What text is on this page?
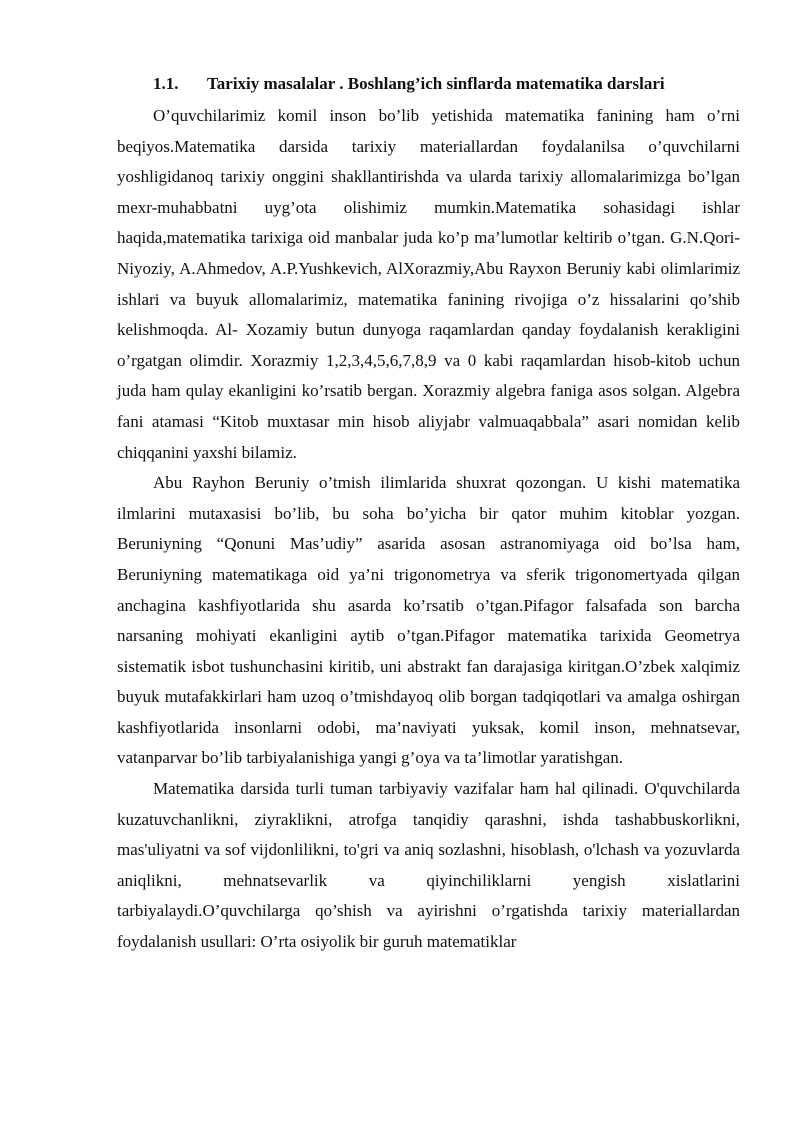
1.1. Tarixiy masalalar . Boshlang’ich sinflarda matematika darslari

O’quvchilarimiz komil inson bo’lib yetishida matematika fanining ham o’rni beqiyos.Matematika darsida tarixiy materiallardan foydalanilsa o’quvchilarni yoshligidanoq tarixiy onggini shakllantirishda va ularda tarixiy allomalarimizga bo’lgan mexr-muhabbatni uyg’ota olishimiz mumkin.Matematika sohasidagi ishlar haqida,matematika tarixiga oid manbalar juda ko’p ma’lumotlar keltirib o’tgan. G.N.Qori-Niyoziy, A.Ahmedov, A.P.Yushkevich, AlXorazmiy,Abu Rayxon Beruniy kabi olimlarimiz ishlari va buyuk allomalarimiz, matematika fanining rivojiga o’z hissalarini qo’shib kelishmoqda. Al- Xozamiy butun dunyoga raqamlardan qanday foydalanish kerakligini o’rgatgan olimdir. Xorazmiy 1,2,3,4,5,6,7,8,9 va 0 kabi raqamlardan hisob-kitob uchun juda ham qulay ekanligini ko’rsatib bergan. Xorazmiy algebra faniga asos solgan. Algebra fani atamasi “Kitob muxtasar min hisob aliyjabr valmuaqabbala” asari nomidan kelib chiqqanini yaxshi bilamiz.

Abu Rayhon Beruniy o’tmish ilimlarida shuxrat qozongan. U kishi matematika ilmlarini mutaxasisi bo’lib, bu soha bo’yicha bir qator muhim kitoblar yozgan. Beruniyning “Qonuni Mas’udiy” asarida asosan astranomiyaga oid bo’lsa ham, Beruniyning matematikaga oid ya’ni trigonometrya va sferik trigonomertyada qilgan anchagina kashfiyotlarida shu asarda ko’rsatib o’tgan.Pifagor falsafada son barcha narsaning mohiyati ekanligini aytib o’tgan.Pifagor matematika tarixida Geometrya sistematik isbot tushunchasini kiritib, uni abstrakt fan darajasiga kiritgan.O’zbek xalqimiz buyuk mutafakkirlari ham uzoq o’tmishdayoq olib borgan tadqiqotlari va amalga oshirgan kashfiyotlarida insonlarni odobi, ma’naviyati yuksak, komil inson, mehnatsevar, vatanparvar bo’lib tarbiyalanishiga yangi g’oya va ta’limotlar yaratishgan.

Matematika darsida turli tuman tarbiyaviy vazifalar ham hal qilinadi. O'quvchilarda kuzatuvchanlikni, ziyraklikni, atrofga tanqidiy qarashni, ishda tashabbuskorlikni, mas'uliyatni va sof vijdonlilikni, to'gri va aniq sozlashni, hisoblash, o'lchash va yozuvlarda aniqlikni, mehnatsevarlik va qiyinchiliklarni yengish xislatlarini tarbiyalaydi.O’quvchilarga qo’shish va ayirishni o’rgatishda tarixiy materiallardan foydalanish usullari: O’rta osiyolik bir guruh matematiklar
